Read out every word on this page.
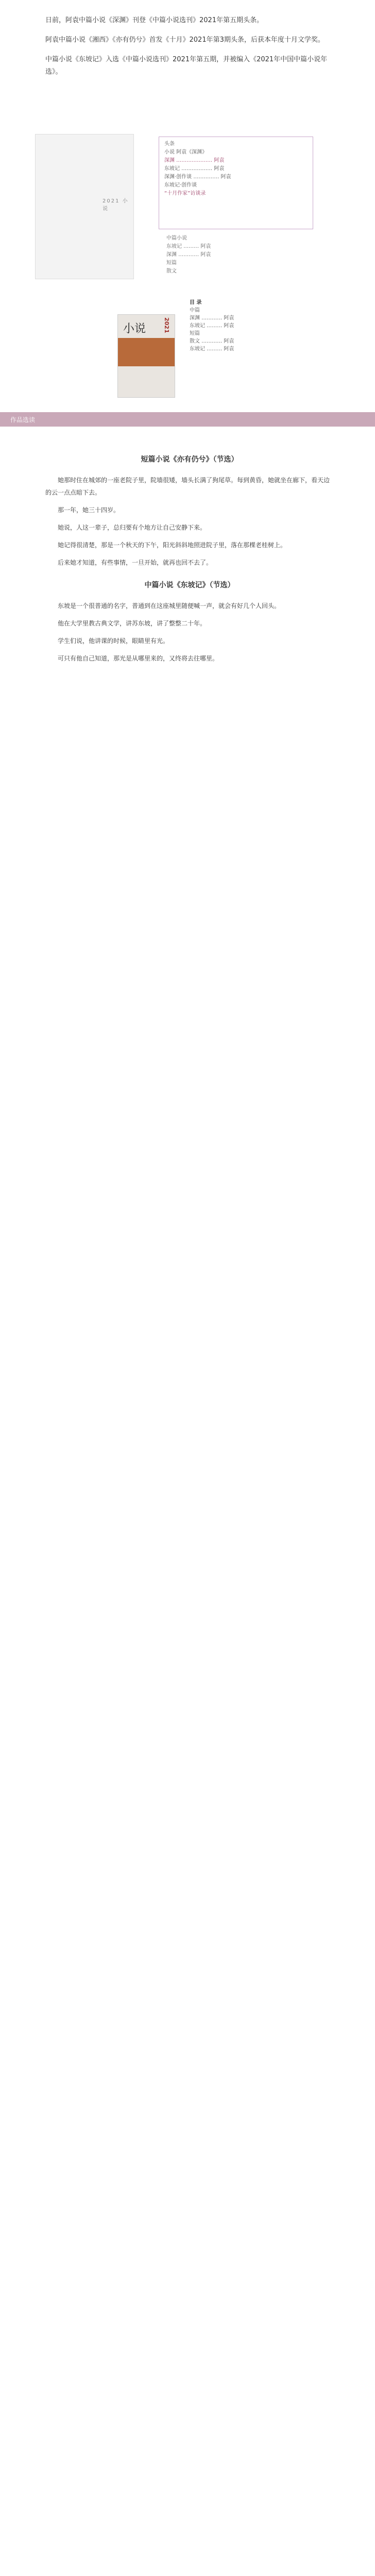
日前，阿袁中篇小说《深渊》刊登《中篇小说选刊》2021年第五期头条。

阿袁中篇小说《湘西》《亦有仍兮》首发《十月》2021年第3期头条，后获本年度十月文学奖。

中篇小说《东坡记》入选《中篇小说选刊》2021年第五期，并被编入《2021年中国中篇小说年选》。

2021 小说
头条
小说 阿袁《深渊》
深渊 ………………… 阿袁
东坡记 ……………… 阿袁
深渊·创作谈 …………… 阿袁
东坡记·创作谈
“十月作家”访谈录
中篇小说
东坡记 ……… 阿袁
深渊 ………… 阿袁
短篇
散文
小说	2021
目 录
中篇
深渊 ………… 阿袁
东坡记 ……… 阿袁
短篇
散文 ………… 阿袁
东坡记 ……… 阿袁
作品选读
短篇小说《亦有仍兮》（节选）

她那时住在城郊的一座老院子里，院墙很矮，墙头长满了狗尾草。每到黄昏，她就坐在廊下，看天边的云一点点暗下去。

那一年，她三十四岁。

她说，人这一辈子，总归要有个地方让自己安静下来。

她记得很清楚，那是一个秋天的下午，阳光斜斜地照进院子里，落在那棵老桂树上。

后来她才知道，有些事情，一旦开始，就再也回不去了。

中篇小说《东坡记》（节选）

东坡是一个很普通的名字，普通到在这座城里随便喊一声，就会有好几个人回头。

他在大学里教古典文学，讲苏东坡，讲了整整二十年。

学生们说，他讲课的时候，眼睛里有光。

可只有他自己知道，那光是从哪里来的，又终将去往哪里。
